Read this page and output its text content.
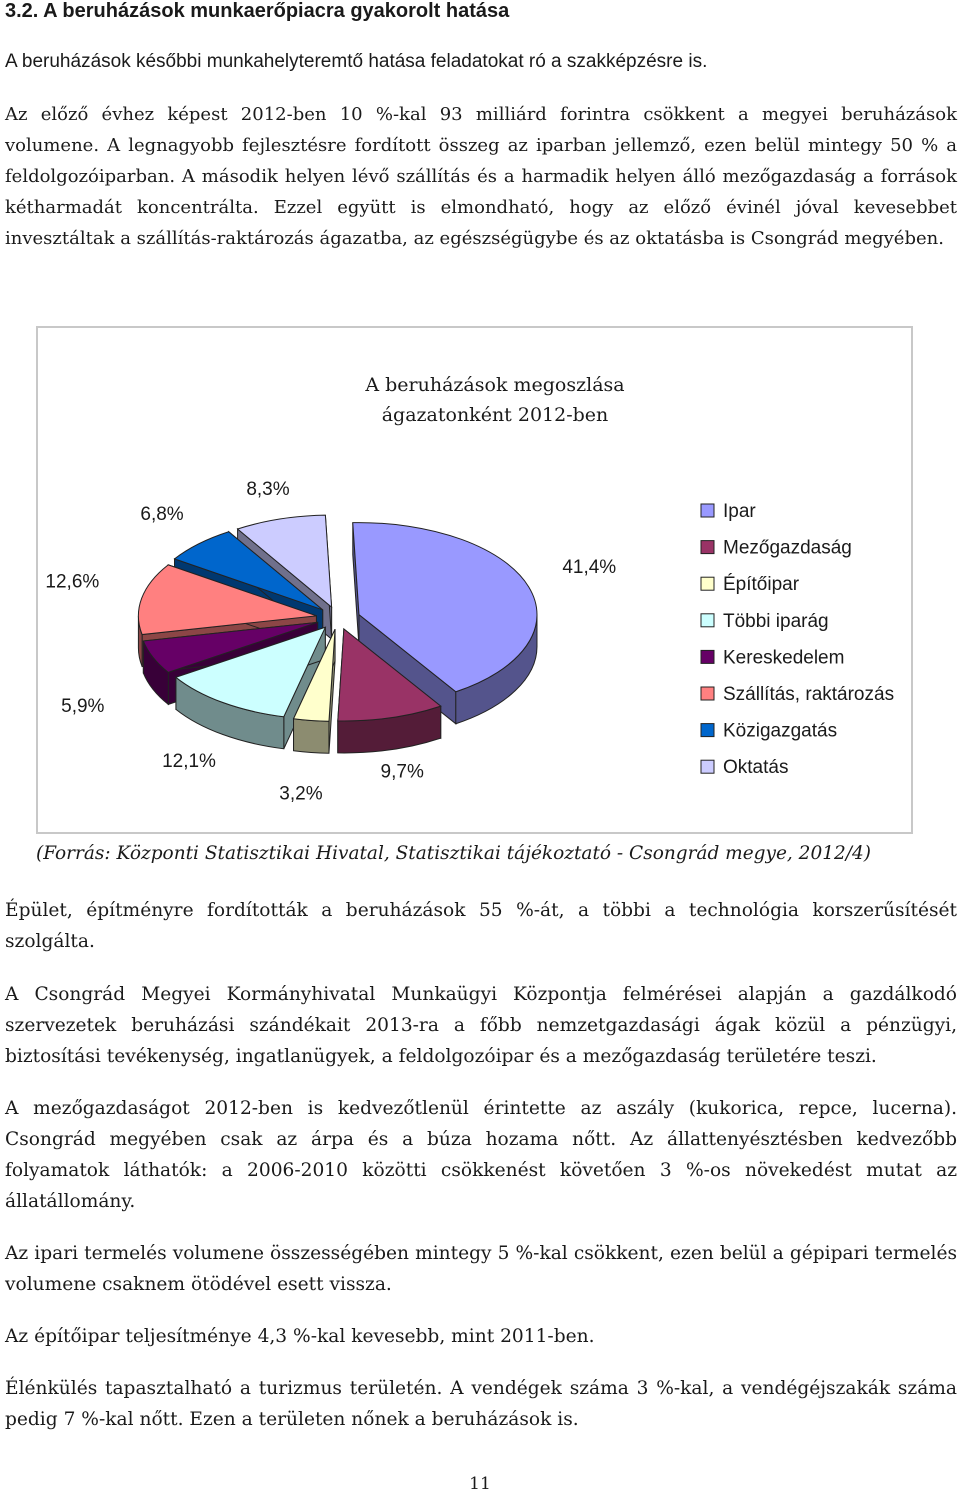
3.2. A beruházások munkaerőpiacra gyakorolt hatása

A beruházások későbbi munkahelyteremtő hatása feladatokat ró a szakképzésre is.

Az előző évhez képest 2012-ben 10 %-kal 93 milliárd forintra csökkent a megyei beruházások volumene. A legnagyobb fejlesztésre fordított összeg az iparban jellemző, ezen belül mintegy 50 % a feldolgozóiparban. A második helyen lévő szállítás és a harmadik helyen álló mezőgazdaság a források kétharmadát koncentrálta. Ezzel együtt is elmondható, hogy az előző évinél jóval kevesebbet invesztáltak a szállítás-raktározás ágazatba, az egészségügybe és az oktatásba is Csongrád megyében.

A beruházások megoszlása
ágazatonként 2012-ben
41,4%
9,7%
3,2%
12,1%
5,9%
12,6%
6,8%
8,3%
Ipar
Mezőgazdaság
Építőipar
Többi iparág
Kereskedelem
Szállítás, raktározás
Közigazgatás
Oktatás
(Forrás: Központi Statisztikai Hivatal, Statisztikai tájékoztató - Csongrád megye, 2012/4)

Épület, építményre fordították a beruházások 55 %-át, a többi a technológia korszerűsítését szolgálta.

A Csongrád Megyei Kormányhivatal Munkaügyi Központja felmérései alapján a gazdálkodó szervezetek beruházási szándékait 2013-ra a főbb nemzetgazdasági ágak közül a pénzügyi, biztosítási tevékenység, ingatlanügyek, a feldolgozóipar és a mezőgazdaság területére teszi.

A mezőgazdaságot 2012-ben is kedvezőtlenül érintette az aszály (kukorica, repce, lucerna). Csongrád megyében csak az árpa és a búza hozama nőtt. Az állattenyésztésben kedvezőbb folyamatok láthatók: a 2006-2010 közötti csökkenést követően 3 %-os növekedést mutat az állatállomány.

Az ipari termelés volumene összességében mintegy 5 %-kal csökkent, ezen belül a gépipari termelés volumene csaknem ötödével esett vissza.

Az építőipar teljesítménye 4,3 %-kal kevesebb, mint 2011-ben.

Élénkülés tapasztalható a turizmus területén. A vendégek száma 3 %-kal, a vendégéjszakák száma pedig 7 %-kal nőtt. Ezen a területen nőnek a beruházások is.

11
